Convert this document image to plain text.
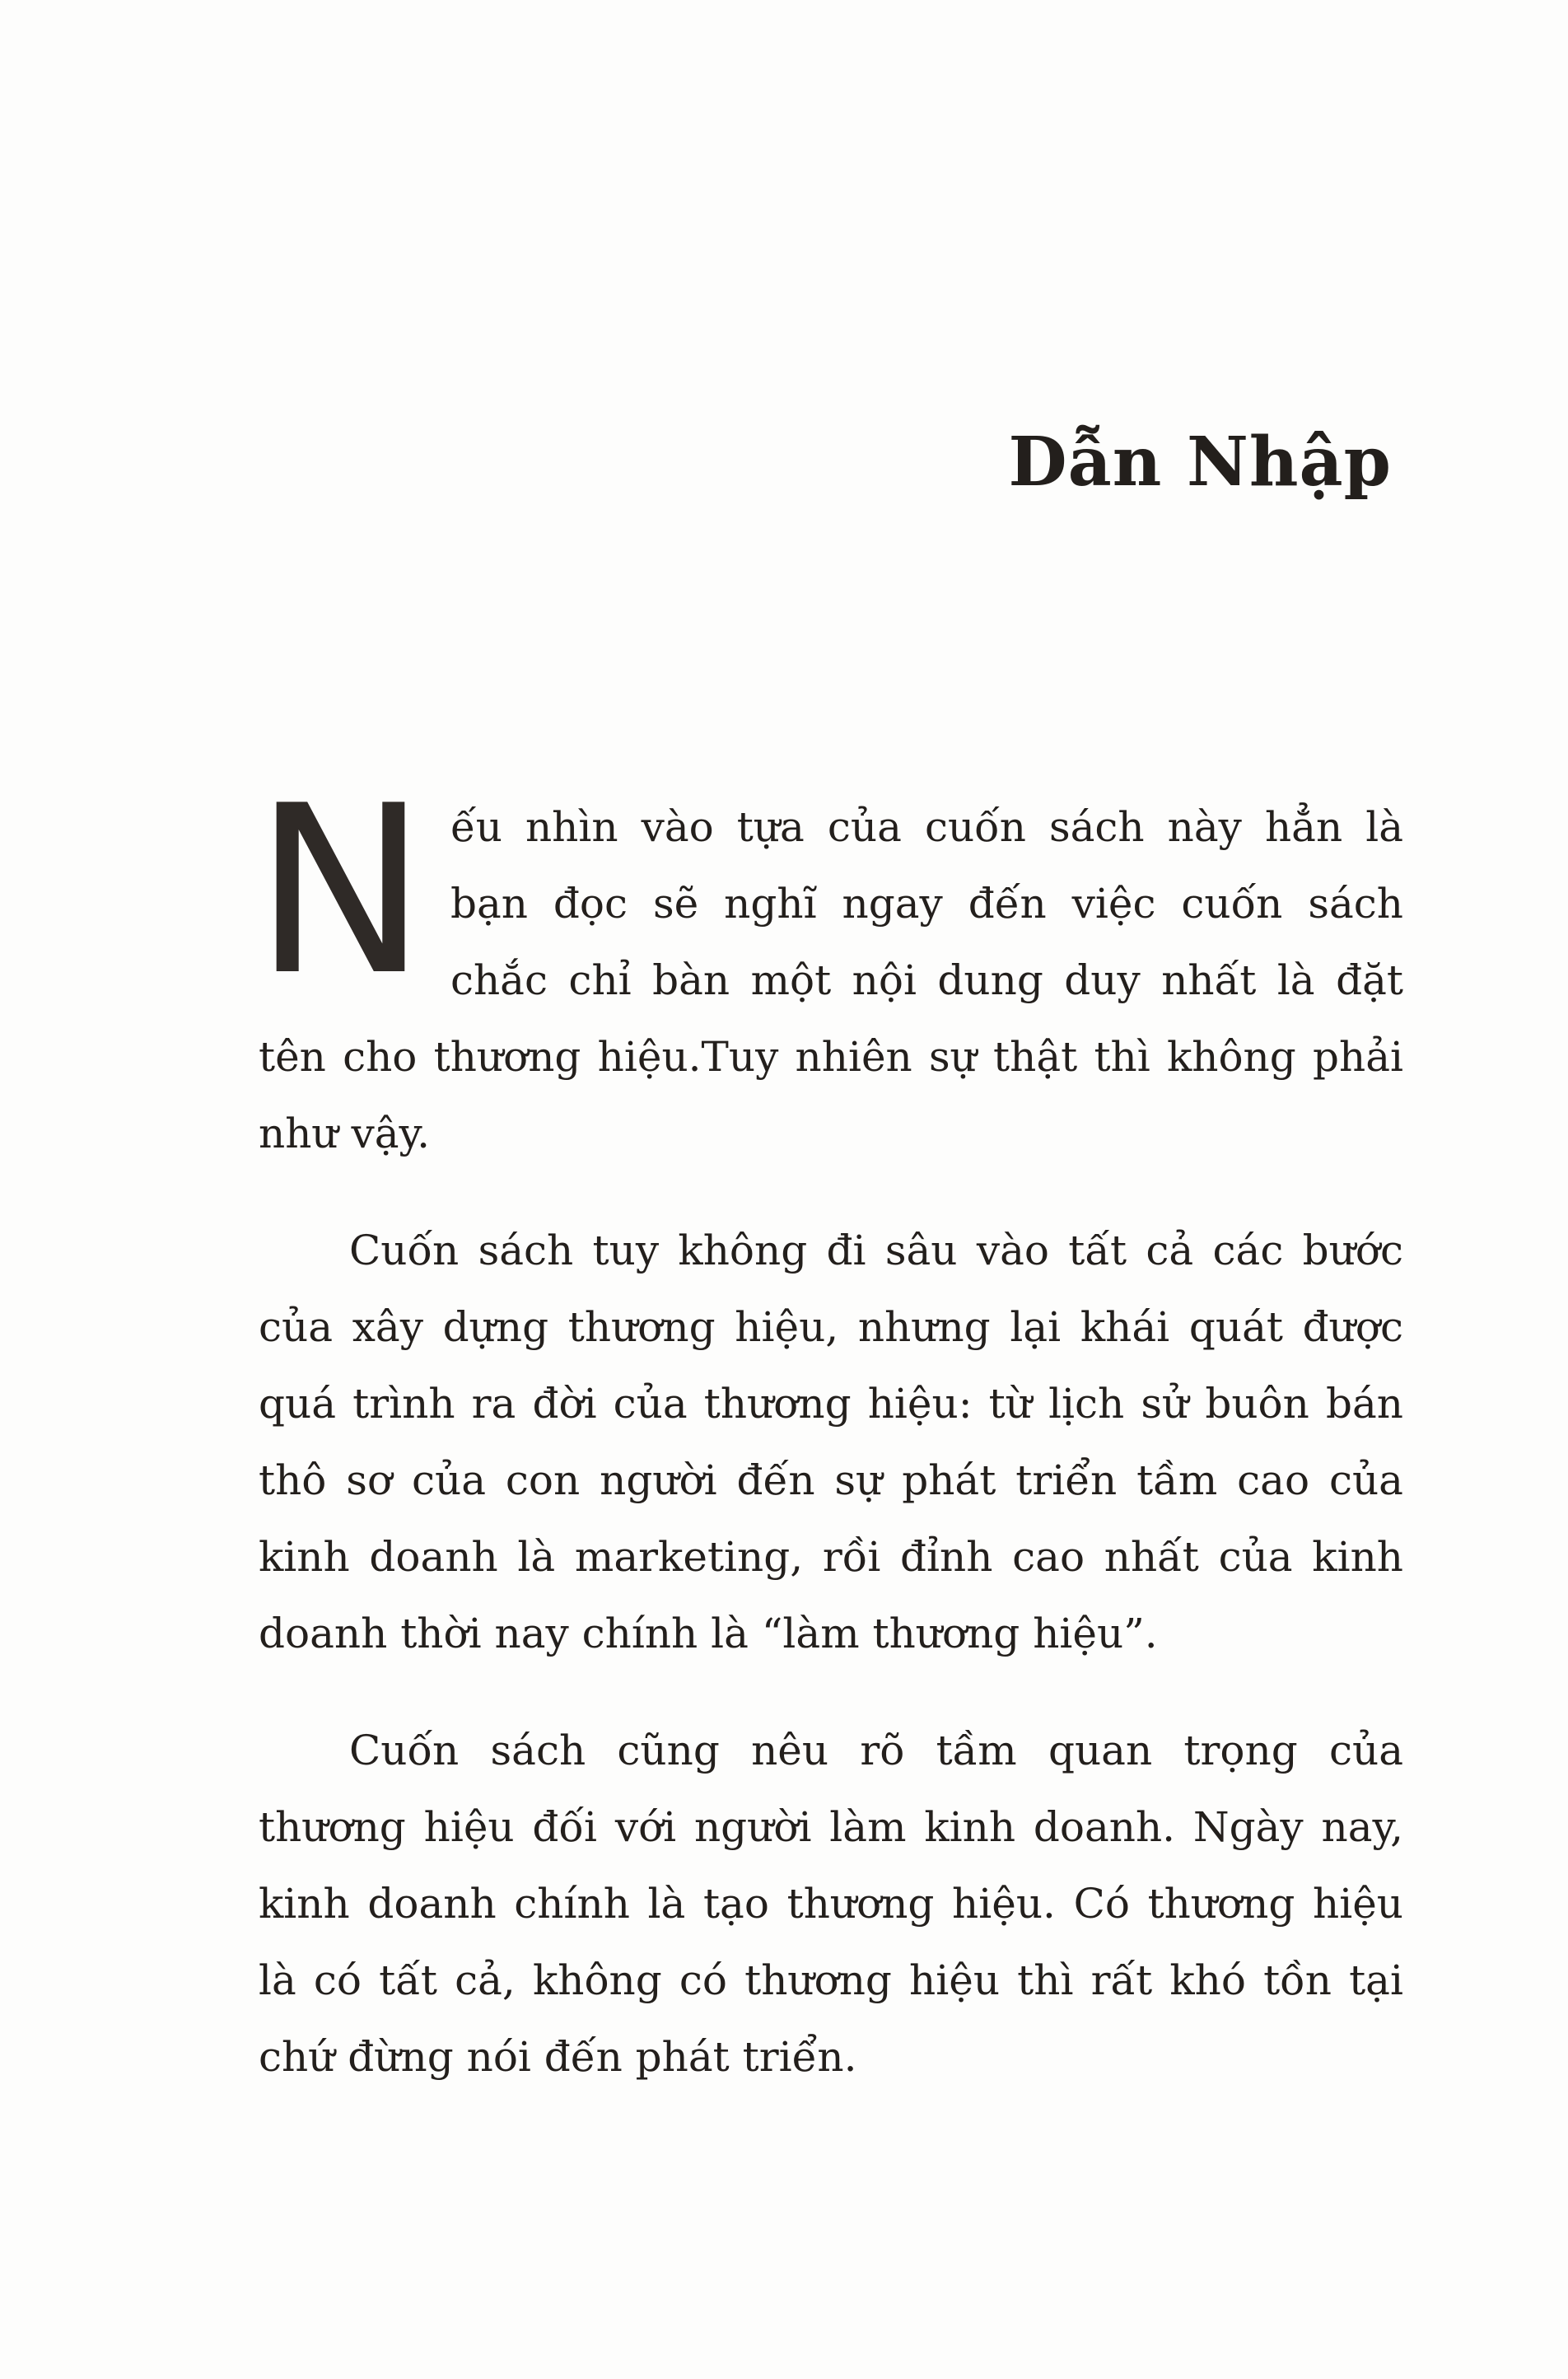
Dẫn Nhập

Nếu nhìn vào tựa của cuốn sách này hẳn là bạn đọc sẽ nghĩ ngay đến việc cuốn sách chắc chỉ bàn một nội dung duy nhất là đặt tên cho thương hiệu.Tuy nhiên sự thật thì không phải như vậy.

Cuốn sách tuy không đi sâu vào tất cả các bước của xây dựng thương hiệu, nhưng lại khái quát được quá trình ra đời của thương hiệu: từ lịch sử buôn bán thô sơ của con người đến sự phát triển tầm cao của kinh doanh là marketing, rồi đỉnh cao nhất của kinh doanh thời nay chính là “làm thương hiệu”.

Cuốn sách cũng nêu rõ tầm quan trọng của thương hiệu đối với người làm kinh doanh. Ngày nay, kinh doanh chính là tạo thương hiệu. Có thương hiệu là có tất cả, không có thương hiệu thì rất khó tồn tại chứ đừng nói đến phát triển.
